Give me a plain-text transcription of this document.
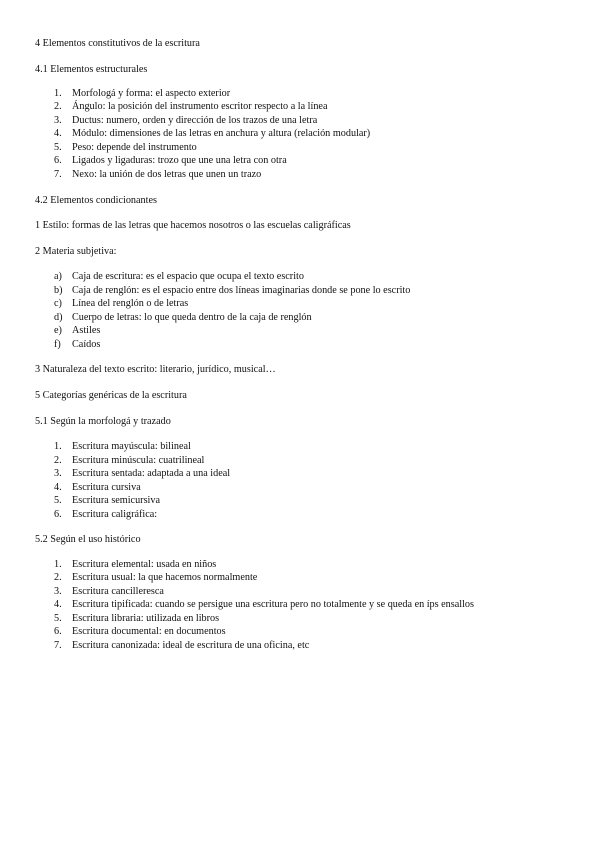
4 Elementos constitutivos de la escritura
4.1 Elementos estructurales
1.	Morfologá y forma: el aspecto exterior
2.	Ángulo: la posición del instrumento escritor respecto a la línea
3.	Ductus: numero, orden y dirección de los trazos de una letra
4.	Módulo: dimensiones de las letras en anchura y altura (relación modular)
5.	Peso: depende del instrumento
6.	Ligados y ligaduras: trozo que une una letra con otra
7.	Nexo: la unión de dos letras que unen un trazo
4.2 Elementos condicionantes
1 Estilo: formas de las letras que hacemos nosotros o las escuelas caligráficas
2 Materia subjetiva:
a) Caja de escritura: es el espacio que ocupa el texto escrito
b) Caja de renglón: es el espacio entre dos líneas imaginarias donde se pone lo escrito
c) Línea del renglón o de letras
d) Cuerpo de letras: lo que queda dentro de la caja de renglón
e) Astiles
f)	Caídos
3 Naturaleza del texto escrito: literario, jurídico, musical…
5 Categorías genéricas de la escritura
5.1 Según la morfologá y trazado
1.	Escritura mayúscula: bilineal
2.	Escritura minúscula: cuatrilineal
3.	Escritura sentada: adaptada a una ideal
4.	Escritura cursiva
5.	Escritura semicursiva
6.	Escritura caligráfica:
5.2 Según el uso histórico
1.	Escritura elemental: usada en niños
2.	Escritura usual: la que hacemos normalmente
3.	Escritura cancilleresca
4.	Escritura tipificada: cuando se persigue una escritura pero no totalmente y se queda en íps ensallos
5.	Escritura libraria: utilizada en libros
6.	Escritura documental: en documentos
7.	Escritura canonizada: ideal de escritura de una oficina, etc
